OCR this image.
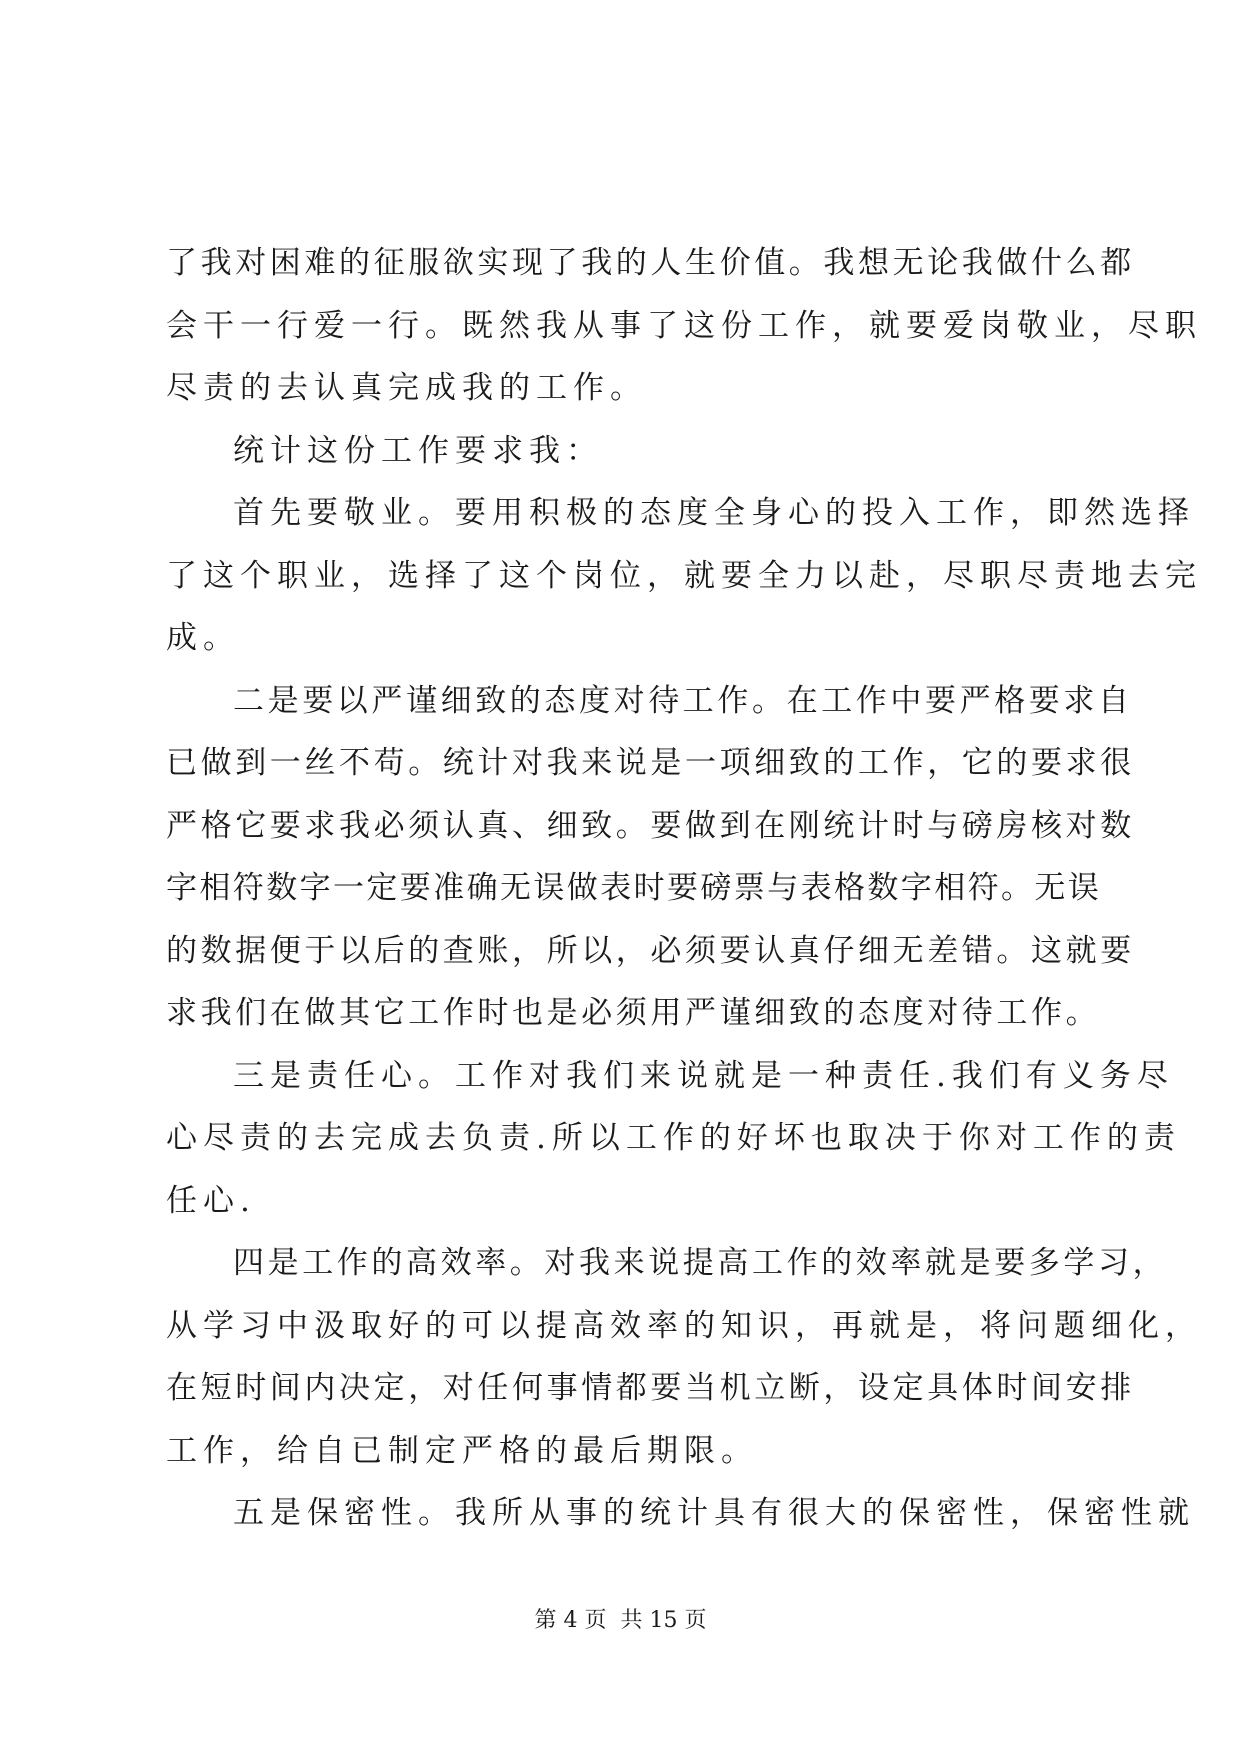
了我对困难的征服欲实现了我的人生价值。我想无论我做什么都
会干一行爱一行。既然我从事了这份工作，就要爱岗敬业，尽职
尽责的去认真完成我的工作。
统计这份工作要求我：
首先要敬业。要用积极的态度全身心的投入工作，即然选择
了这个职业，选择了这个岗位，就要全力以赴，尽职尽责地去完
成。
二是要以严谨细致的态度对待工作。在工作中要严格要求自
已做到一丝不苟。统计对我来说是一项细致的工作，它的要求很
严格它要求我必须认真、细致。要做到在刚统计时与磅房核对数
字相符数字一定要准确无误做表时要磅票与表格数字相符。无误
的数据便于以后的查账，所以，必须要认真仔细无差错。这就要
求我们在做其它工作时也是必须用严谨细致的态度对待工作。
三是责任心。工作对我们来说就是一种责任.我们有义务尽
心尽责的去完成去负责.所以工作的好坏也取决于你对工作的责
任心.
四是工作的高效率。对我来说提高工作的效率就是要多学习，
从学习中汲取好的可以提高效率的知识，再就是，将问题细化，
在短时间内决定，对任何事情都要当机立断，设定具体时间安排
工作，给自已制定严格的最后期限。
五是保密性。我所从事的统计具有很大的保密性，保密性就
第 4 页  共 15 页
